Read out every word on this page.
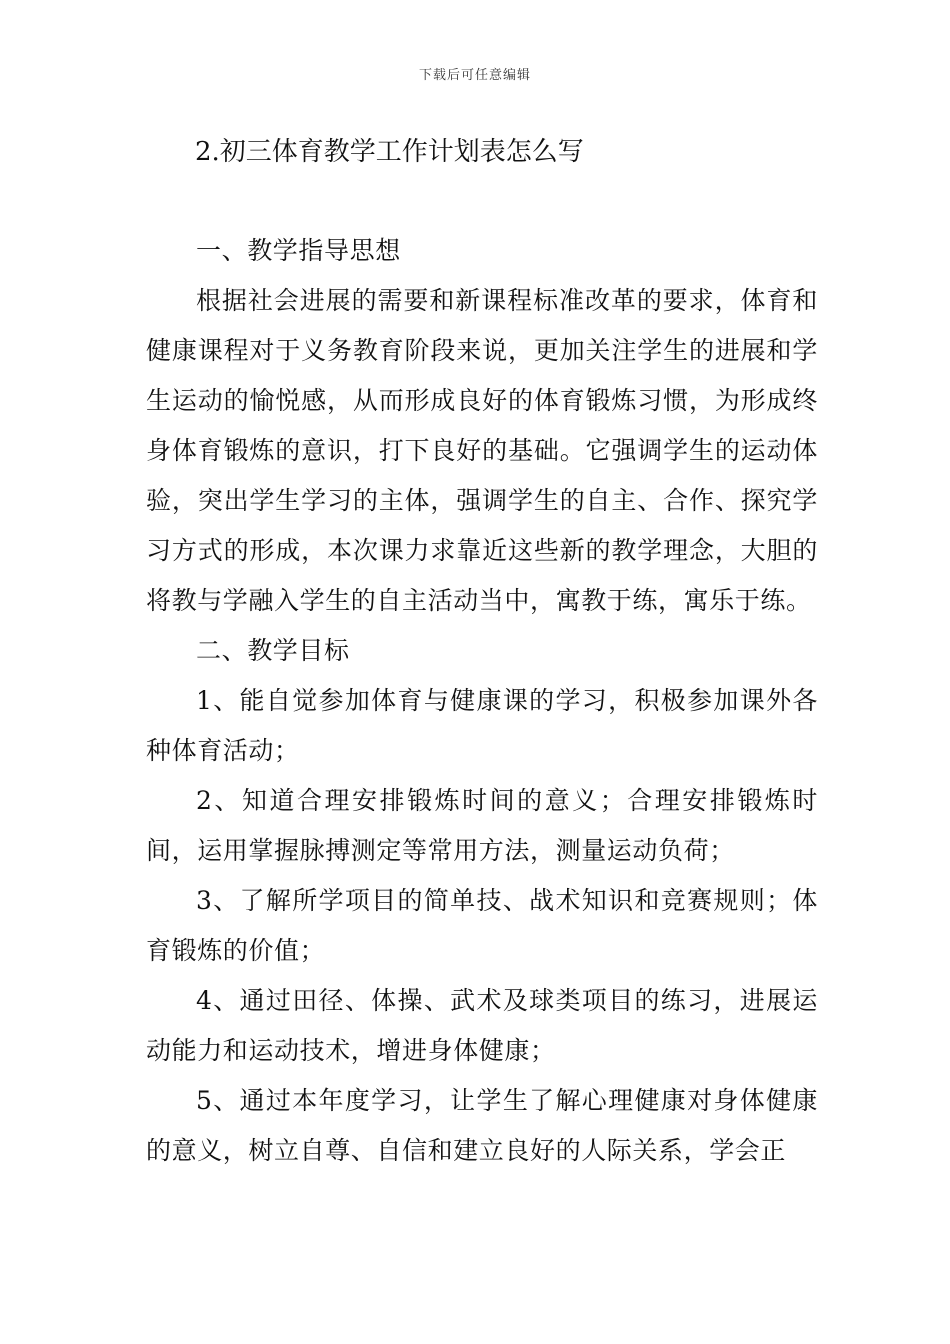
下载后可任意编辑
2.初三体育教学工作计划表怎么写

一、教学指导思想

根据社会进展的需要和新课程标准改革的要求，体育和健康课程对于义务教育阶段来说，更加关注学生的进展和学生运动的愉悦感，从而形成良好的体育锻炼习惯，为形成终身体育锻炼的意识，打下良好的基础。它强调学生的运动体验，突出学生学习的主体，强调学生的自主、合作、探究学习方式的形成，本次课力求靠近这些新的教学理念，大胆的将教与学融入学生的自主活动当中，寓教于练，寓乐于练。

二、教学目标

1、能自觉参加体育与健康课的学习，积极参加课外各种体育活动；

2、知道合理安排锻炼时间的意义；合理安排锻炼时间，运用掌握脉搏测定等常用方法，测量运动负荷；

3、了解所学项目的简单技、战术知识和竞赛规则；体育锻炼的价值；

4、通过田径、体操、武术及球类项目的练习，进展运动能力和运动技术，增进身体健康；

5、通过本年度学习，让学生了解心理健康对身体健康的意义，树立自尊、自信和建立良好的人际关系，学会正
